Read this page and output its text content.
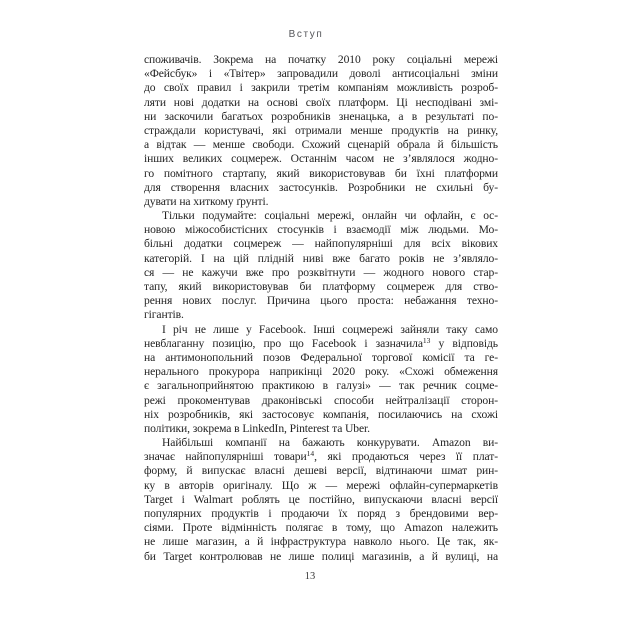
Вступ
споживачів. Зокрема на початку 2010 року соціальні мережі
«Фейсбук» і «Твітер» запровадили доволі антисоціальні зміни
до своїх правил і закрили третім компаніям можливість розроб-
ляти нові додатки на основі своїх платформ. Ці несподівані змі-
ни заскочили багатьох розробників зненацька, а в результаті по-
страждали користувачі, які отримали менше продуктів на ринку,
а відтак — менше свободи. Схожий сценарій обрала й більшість
інших великих соцмереж. Останнім часом не з’являлося жодно-
го помітного стартапу, який використовував би їхні платформи
для створення власних застосунків. Розробники не схильні бу-
дувати на хиткому ґрунті.
Тільки подумайте: соціальні мережі, онлайн чи офлайн, є ос-
новою міжособистісних стосунків і взаємодії між людьми. Мо-
більні додатки соцмереж — найпопулярніші для всіх вікових
категорій. І на цій плідній ниві вже багато років не з’являло-
ся — не кажучи вже про розквітнути — жодного нового стар-
тапу, який використовував би платформу соцмереж для ство-
рення нових послуг. Причина цього проста: небажання техно-
гігантів.
І річ не лише у Facebook. Інші соцмережі зайняли таку само
невблаганну позицію, про що Facebook і зазначила$^{13}$ у відповідь
на антимонопольний позов Федеральної торгової комісії та ге-
нерального прокурора наприкінці 2020 року. «Схожі обмеження
є загальноприйнятою практикою в галузі» — так речник соцме-
режі прокоментував драконівські способи нейтралізації сторон-
ніх розробників, які застосовує компанія, посилаючись на схожі
політики, зокрема в LinkedIn, Pinterest та Uber.
Найбільші компанії на бажають конкурувати. Amazon ви-
значає найпопулярніші товари$^{14}$, які продаються через її плат-
форму, й випускає власні дешеві версії, відтинаючи шмат рин-
ку в авторів оригіналу. Що ж — мережі офлайн-супермаркетів
Target і Walmart роблять це постійно, випускаючи власні версії
популярних продуктів і продаючи їх поряд з брендовими вер-
сіями. Проте відмінність полягає в тому, що Amazon належить
не лише магазин, а й інфраструктура навколо нього. Це так, як-
би Target контролював не лише полиці магазинів, а й вулиці, на
13
